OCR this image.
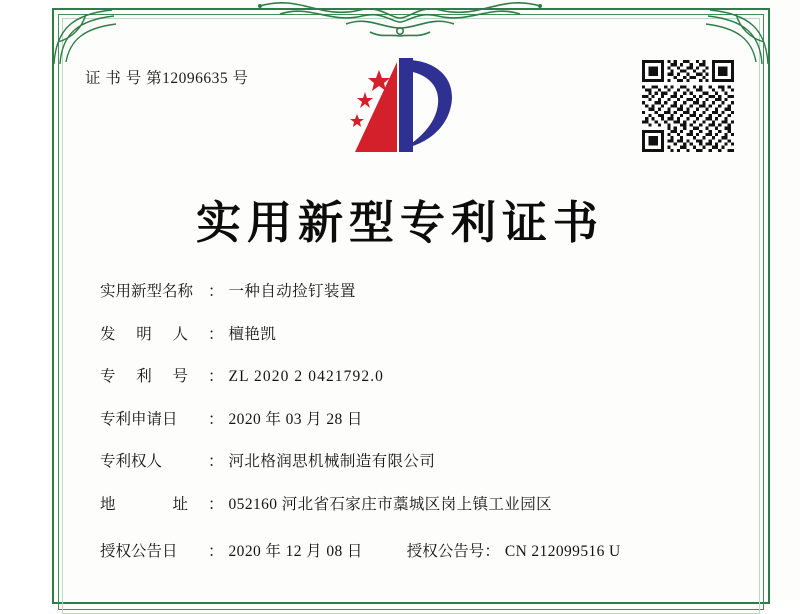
证 书 号 第12096635 号
实用新型专利证书
实用新型名称 ： 一种自动捡钉装置
发明人	： 檀艳凯
专利号	： ZL 2020 2 0421792.0
专利申请日	： 2020 年 03 月 28 日
专利权人	： 河北格润思机械制造有限公司
地址	： 052160 河北省石家庄市藁城区岗上镇工业园区
授权公告日	： 2020 年 12 月 08 日	授权公告号 ： CN 212099516 U
